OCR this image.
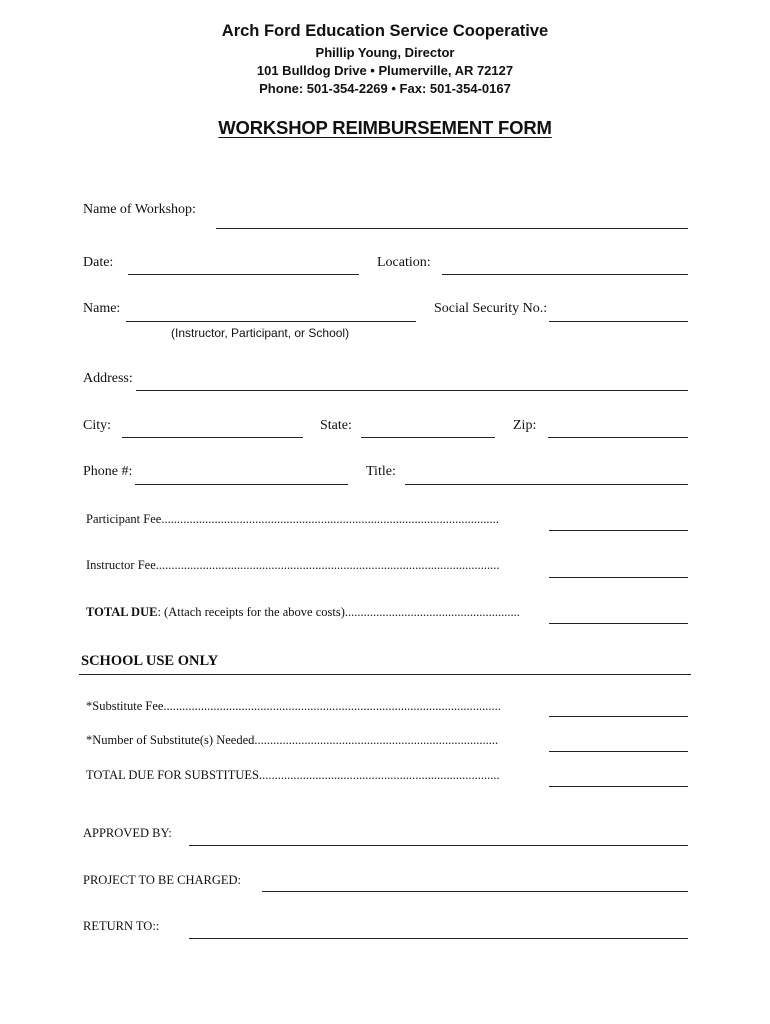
Arch Ford Education Service Cooperative
Phillip Young, Director
101 Bulldog Drive • Plumerville, AR 72127
Phone: 501-354-2269 • Fax: 501-354-0167
WORKSHOP REIMBURSEMENT FORM
Name of Workshop:
Date:	Location:
Name:
(Instructor, Participant, or School)
Social Security No.:
Address:
City:	State:	Zip:
Phone #:	Title:
Participant Fee............................................................................................................
Instructor Fee..............................................................................................................
TOTAL DUE: (Attach receipts for the above costs)........................................................
SCHOOL USE ONLY
*Substitute Fee............................................................................................................
*Number of Substitute(s) Needed..............................................................................
TOTAL DUE FOR SUBSTITUES.............................................................................
APPROVED BY:
PROJECT TO BE CHARGED:
RETURN TO::
